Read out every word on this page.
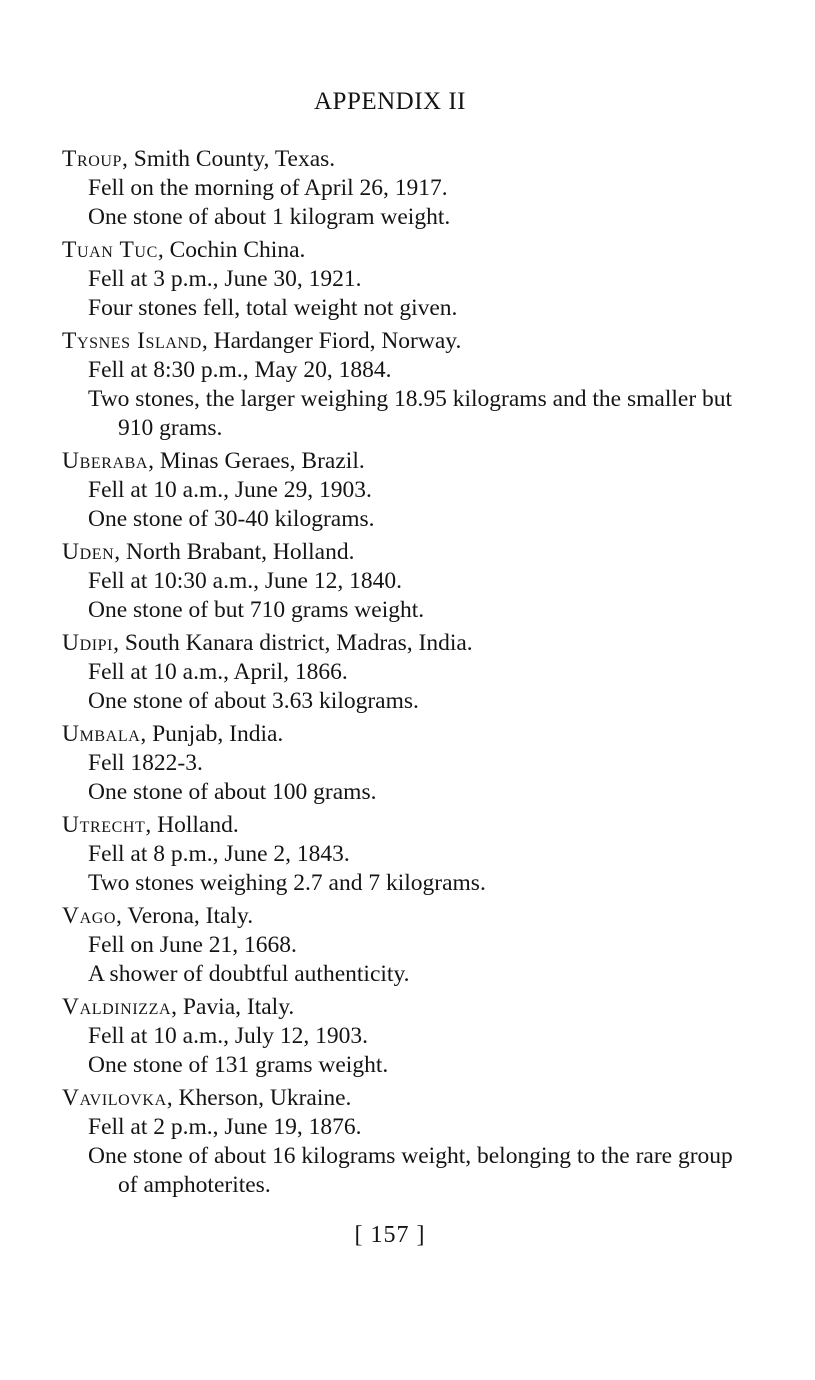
APPENDIX II
Troup, Smith County, Texas.
Fell on the morning of April 26, 1917.
One stone of about 1 kilogram weight.
Tuan Tuc, Cochin China.
Fell at 3 p.m., June 30, 1921.
Four stones fell, total weight not given.
Tysnes Island, Hardanger Fiord, Norway.
Fell at 8:30 p.m., May 20, 1884.
Two stones, the larger weighing 18.95 kilograms and the smaller but 910 grams.
Uberaba, Minas Geraes, Brazil.
Fell at 10 a.m., June 29, 1903.
One stone of 30-40 kilograms.
Uden, North Brabant, Holland.
Fell at 10:30 a.m., June 12, 1840.
One stone of but 710 grams weight.
Udipi, South Kanara district, Madras, India.
Fell at 10 a.m., April, 1866.
One stone of about 3.63 kilograms.
Umbala, Punjab, India.
Fell 1822-3.
One stone of about 100 grams.
Utrecht, Holland.
Fell at 8 p.m., June 2, 1843.
Two stones weighing 2.7 and 7 kilograms.
Vago, Verona, Italy.
Fell on June 21, 1668.
A shower of doubtful authenticity.
Valdinizza, Pavia, Italy.
Fell at 10 a.m., July 12, 1903.
One stone of 131 grams weight.
Vavilovka, Kherson, Ukraine.
Fell at 2 p.m., June 19, 1876.
One stone of about 16 kilograms weight, belonging to the rare group of amphoterites.
[ 157 ]
